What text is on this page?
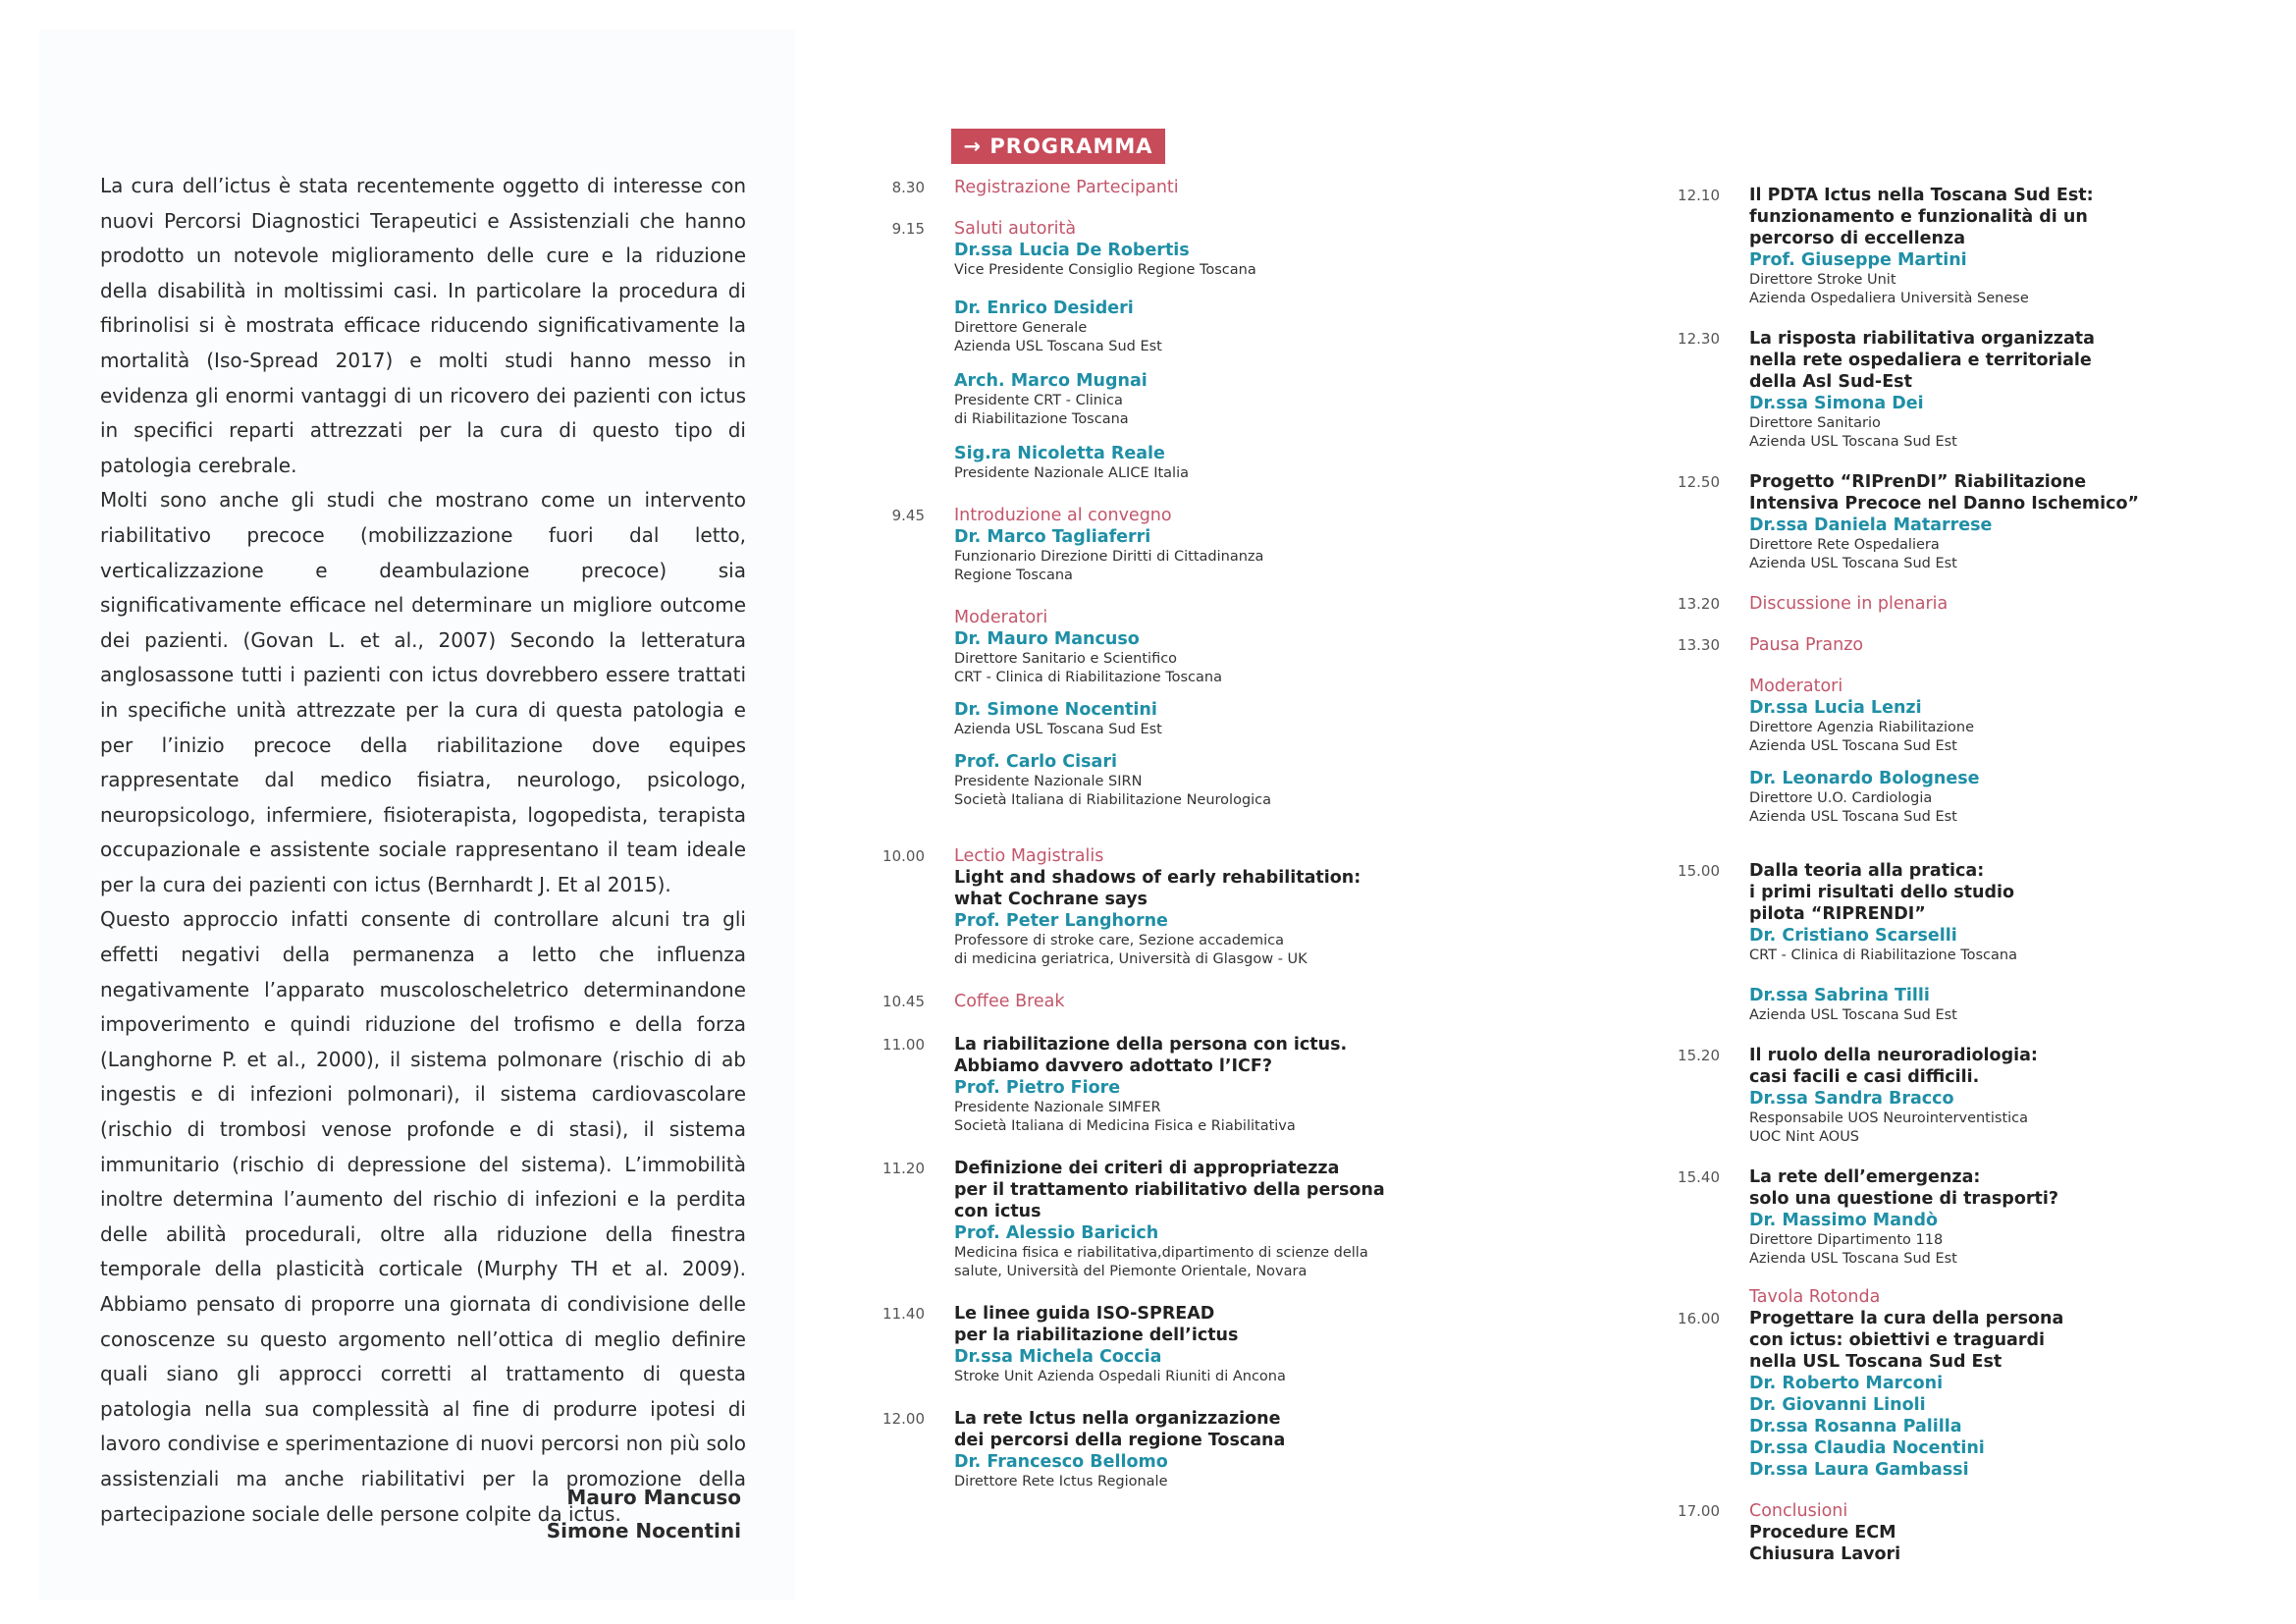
La cura dell’ictus è stata recentemente oggetto di interesse con nuovi Percorsi Diagnostici Terapeutici e Assistenziali che hanno prodotto un notevole miglioramento delle cure e la riduzione della disabilità in moltissimi casi. In particolare la procedura di fibrinolisi si è mostrata efficace riducendo significativamente la mortalità (Iso-Spread 2017) e molti studi hanno messo in evidenza gli enormi vantaggi di un ricovero dei pazienti con ictus in specifici reparti attrezzati per la cura di questo tipo di patologia cerebrale.

Molti sono anche gli studi che mostrano come un intervento riabilitativo precoce (mobilizzazione fuori dal letto, verticalizzazione e deambulazione precoce) sia significativamente efficace nel determinare un migliore outcome dei pazienti. (Govan L. et al., 2007) Secondo la letteratura anglosassone tutti i pazienti con ictus dovrebbero essere trattati in specifiche unità attrezzate per la cura di questa patologia e per l’inizio precoce della riabilitazione dove equipes rappresentate dal medico fisiatra, neurologo, psicologo, neuropsicologo, infermiere, fisioterapista, logopedista, terapista occupazionale e assistente sociale rappresentano il team ideale per la cura dei pazienti con ictus (Bernhardt J. Et al 2015).

Questo approccio infatti consente di controllare alcuni tra gli effetti negativi della permanenza a letto che influenza negativamente l’apparato muscoloscheletrico determinandone impoverimento e quindi riduzione del trofismo e della forza (Langhorne P. et al., 2000), il sistema polmonare (rischio di ab ingestis e di infezioni polmonari), il sistema cardiovascolare (rischio di trombosi venose profonde e di stasi), il sistema immunitario (rischio di depressione del sistema). L’immobilità inoltre determina l’aumento del rischio di infezioni e la perdita delle abilità procedurali, oltre alla riduzione della finestra temporale della plasticità corticale (Murphy TH et al. 2009). Abbiamo pensato di proporre una giornata di condivisione delle conoscenze su questo argomento nell’ottica di meglio definire quali siano gli approcci corretti al trattamento di questa patologia nella sua complessità al fine di produrre ipotesi di lavoro condivise e sperimentazione di nuovi percorsi non più solo assistenziali ma anche riabilitativi per la promozione della partecipazione sociale delle persone colpite da ictus.

Mauro Mancuso
Simone Nocentini
→ PROGRAMMA
8.30 Registrazione Partecipanti
9.15 Saluti autorità
Dr.ssa Lucia De Robertis
Vice Presidente Consiglio Regione Toscana
Dr. Enrico Desideri
Direttore Generale
Azienda USL Toscana Sud Est
Arch. Marco Mugnai
Presidente CRT - Clinica
di Riabilitazione Toscana
Sig.ra Nicoletta Reale
Presidente Nazionale ALICE Italia
9.45 Introduzione al convegno
Dr. Marco Tagliaferri
Funzionario Direzione Diritti di Cittadinanza
Regione Toscana
Moderatori
Dr. Mauro Mancuso
Direttore Sanitario e Scientifico
CRT - Clinica di Riabilitazione Toscana
Dr. Simone Nocentini
Azienda USL Toscana Sud Est
Prof. Carlo Cisari
Presidente Nazionale SIRN
Società Italiana di Riabilitazione Neurologica
10.00 Lectio Magistralis
Light and shadows of early rehabilitation:
what Cochrane says
Prof. Peter Langhorne
Professore di stroke care, Sezione accademica
di medicina geriatrica, Università di Glasgow - UK
10.45 Coffee Break
11.00 La riabilitazione della persona con ictus.
Abbiamo davvero adottato l’ICF?
Prof. Pietro Fiore
Presidente Nazionale SIMFER
Società Italiana di Medicina Fisica e Riabilitativa
11.20 Definizione dei criteri di appropriatezza
per il trattamento riabilitativo della persona con ictus
Prof. Alessio Baricich
Medicina fisica e riabilitativa,dipartimento di scienze della
salute, Università del Piemonte Orientale, Novara
11.40 Le linee guida ISO-SPREAD
per la riabilitazione dell’ictus
Dr.ssa Michela Coccia
Stroke Unit Azienda Ospedali Riuniti di Ancona
12.00 La rete Ictus nella organizzazione
dei percorsi della regione Toscana
Dr. Francesco Bellomo
Direttore Rete Ictus Regionale
12.10 Il PDTA Ictus nella Toscana Sud Est:
funzionamento e funzionalità di un
percorso di eccellenza
Prof. Giuseppe Martini
Direttore Stroke Unit
Azienda Ospedaliera Università Senese
12.30 La risposta riabilitativa organizzata
nella rete ospedaliera e territoriale
della Asl Sud-Est
Dr.ssa Simona Dei
Direttore Sanitario
Azienda USL Toscana Sud Est
12.50 Progetto “RIPrenDI” Riabilitazione
Intensiva Precoce nel Danno Ischemico”
Dr.ssa Daniela Matarrese
Direttore Rete Ospedaliera
Azienda USL Toscana Sud Est
13.20 Discussione in plenaria
13.30 Pausa Pranzo
Moderatori
Dr.ssa Lucia Lenzi
Direttore Agenzia Riabilitazione
Azienda USL Toscana Sud Est
Dr. Leonardo Bolognese
Direttore U.O. Cardiologia
Azienda USL Toscana Sud Est
15.00 Dalla teoria alla pratica:
i primi risultati dello studio
pilota “RIPRENDI”
Dr. Cristiano Scarselli
CRT - Clinica di Riabilitazione Toscana
Dr.ssa Sabrina Tilli
Azienda USL Toscana Sud Est
15.20 Il ruolo della neuroradiologia:
casi facili e casi difficili.
Dr.ssa Sandra Bracco
Responsabile UOS Neurointerventistica
UOC Nint AOUS
15.40 La rete dell’emergenza:
solo una questione di trasporti?
Dr. Massimo Mandò
Direttore Dipartimento 118
Azienda USL Toscana Sud Est
Tavola Rotonda
16.00 Progettare la cura della persona
con ictus: obiettivi e traguardi
nella USL Toscana Sud Est
Dr. Roberto Marconi
Dr. Giovanni Linoli
Dr.ssa Rosanna Palilla
Dr.ssa Claudia Nocentini
Dr.ssa Laura Gambassi
17.00 Conclusioni
Procedure ECM
Chiusura Lavori
